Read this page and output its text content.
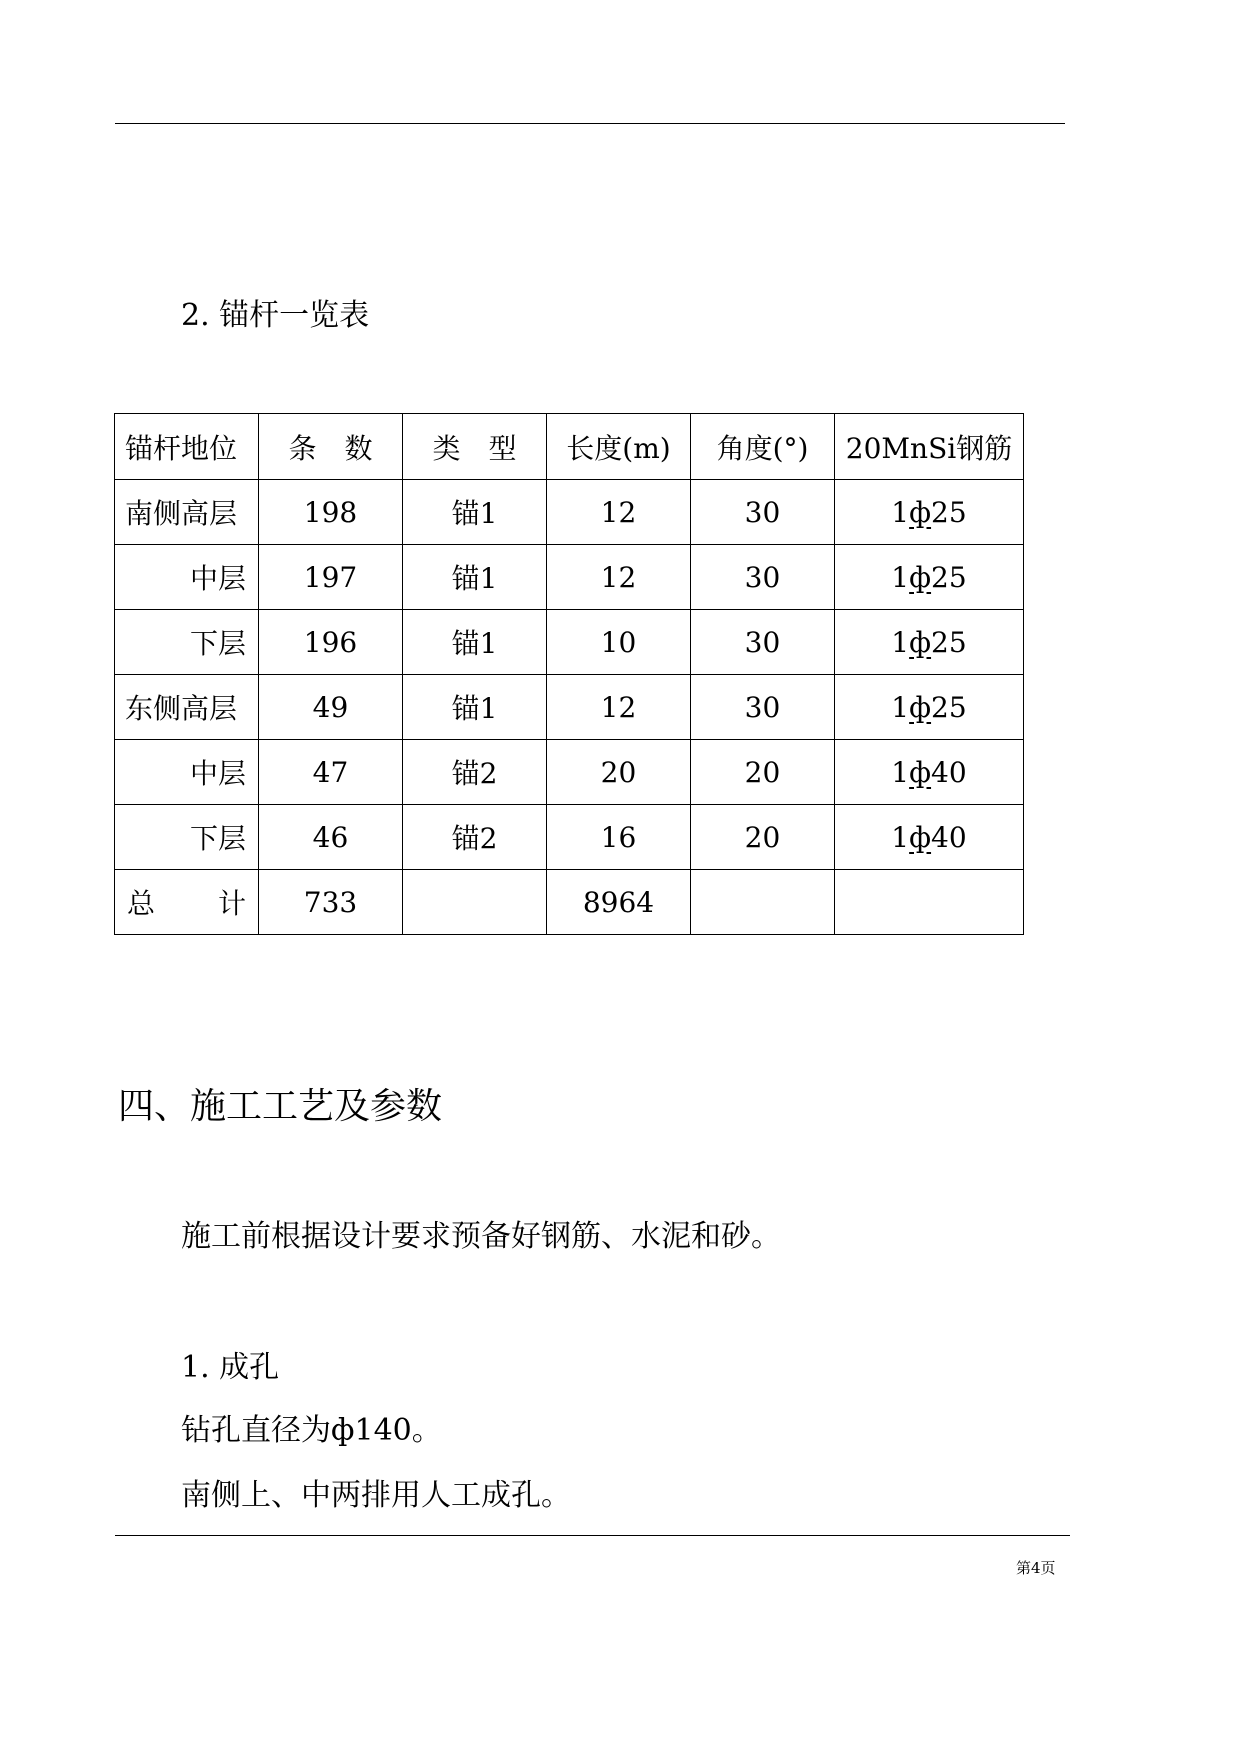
2. 锚杆一览表
锚杆地位	条　数	类　型	长度(m)	角度(°)	20MnSi钢筋
南侧高层	198	锚1	12	30	1ф25
中层	197	锚1	12	30	1ф25
下层	196	锚1	10	30	1ф25
东侧高层	49	锚1	12	30	1ф25
中层	47	锚2	20	20	1ф40
下层	46	锚2	16	20	1ф40
总　　计	733		8964		
四、施工工艺及参数
施工前根据设计要求预备好钢筋、水泥和砂。
1. 成孔
钻孔直径为ф140。
南侧上、中两排用人工成孔。
第4页
